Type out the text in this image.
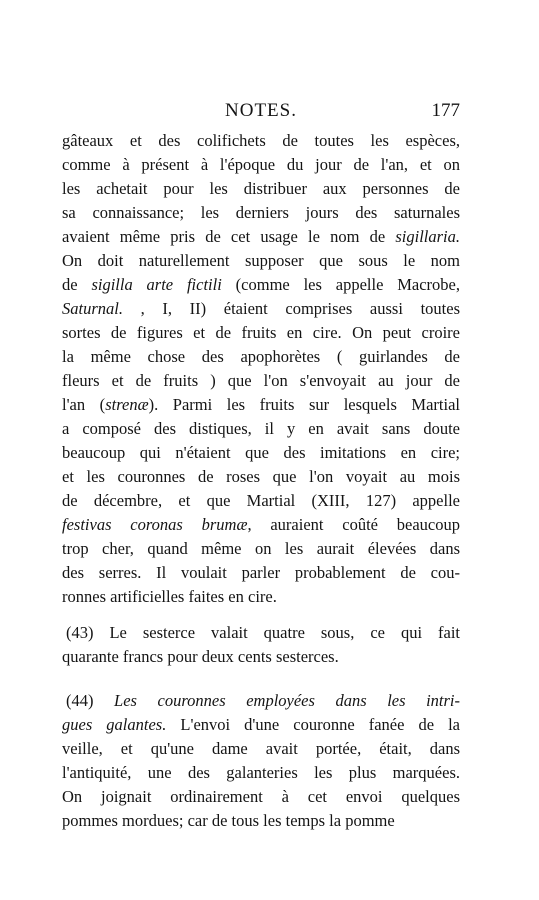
NOTES.	177
gâteaux et des colifichets de toutes les espèces,
comme à présent à l'époque du jour de l'an, et on
les achetait pour les distribuer aux personnes de
sa connaissance; les derniers jours des saturnales
avaient même pris de cet usage le nom de sigillaria.
On doit naturellement supposer que sous le nom
de sigilla arte fictili (comme les appelle Macrobe,
Saturnal. , I, II) étaient comprises aussi toutes
sortes de figures et de fruits en cire. On peut croire
la même chose des apophorètes ( guirlandes de
fleurs et de fruits ) que l'on s'envoyait au jour de
l'an (strenæ). Parmi les fruits sur lesquels Martial
a composé des distiques, il y en avait sans doute
beaucoup qui n'étaient que des imitations en cire;
et les couronnes de roses que l'on voyait au mois
de décembre, et que Martial (XIII, 127) appelle
festivas coronas brumæ, auraient coûté beaucoup
trop cher, quand même on les aurait élevées dans
des serres. Il voulait parler probablement de cou-
ronnes artificielles faites en cire.
(43) Le sesterce valait quatre sous, ce qui fait
quarante francs pour deux cents sesterces.
(44) Les couronnes employées dans les intri-
gues galantes. L'envoi d'une couronne fanée de la
veille, et qu'une dame avait portée, était, dans
l'antiquité, une des galanteries les plus marquées.
On joignait ordinairement à cet envoi quelques
pommes mordues; car de tous les temps la pomme
